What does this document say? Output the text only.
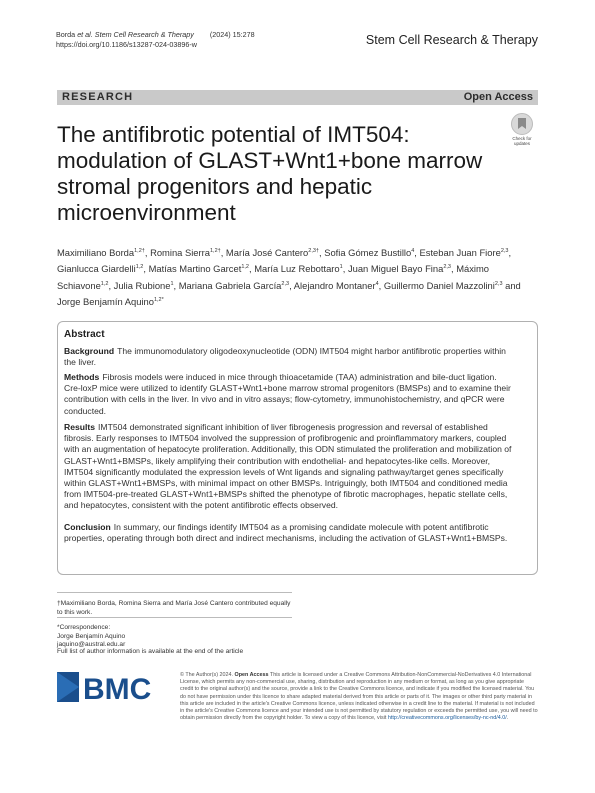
Borda et al. Stem Cell Research & Therapy (2024) 15:278
https://doi.org/10.1186/s13287-024-03896-w	Stem Cell Research & Therapy
RESEARCH	Open Access
The antifibrotic potential of IMT504: modulation of GLAST+Wnt1+bone marrow stromal progenitors and hepatic microenvironment
Check for updates
Maximiliano Borda$^{1,2\dagger}$, Romina Sierra$^{1,2\dagger}$, María José Cantero$^{2,3\dagger}$, Sofia Gómez Bustillo$^4$, Esteban Juan Fiore$^{2,3}$, Gianlucca Giardelli$^{1,2}$, Matías Martino Garcet$^{1,2}$, María Luz Rebottaro$^1$, Juan Miguel Bayo Fina$^{2,3}$, Máximo Schiavone$^{1,2}$, Julia Rubione$^1$, Mariana Gabriela García$^{2,3}$, Alejandro Montaner$^4$, Guillermo Daniel Mazzolini$^{2,3}$ and Jorge Benjamín Aquino$^{1,2*}$
Abstract
Background The immunomodulatory oligodeoxynucleotide (ODN) IMT504 might harbor antifibrotic properties within the liver.
Methods Fibrosis models were induced in mice through thioacetamide (TAA) administration and bile-duct ligation. Cre-loxP mice were utilized to identify GLAST+Wnt1+bone marrow stromal progenitors (BMSPs) and to examine their contribution with cells in the liver. In vivo and in vitro assays; flow-cytometry, immunohistochemistry, and qPCR were conducted.
Results IMT504 demonstrated significant inhibition of liver fibrogenesis progression and reversal of established fibrosis. Early responses to IMT504 involved the suppression of profibrogenic and proinflammatory markers, coupled with an augmentation of hepatocyte proliferation. Additionally, this ODN stimulated the proliferation and mobilization of GLAST+Wnt1+BMSPs, likely amplifying their contribution with endothelial- and hepatocytes-like cells. Moreover, IMT504 significantly modulated the expression levels of Wnt ligands and signaling pathway/target genes specifically within GLAST+Wnt1+BMSPs, with minimal impact on other BMSPs. Intriguingly, both IMT504 and conditioned media from IMT504-pre-treated GLAST+Wnt1+BMSPs shifted the phenotype of fibrotic macrophages, hepatic stellate cells, and hepatocytes, consistent with the potent antifibrotic effects observed.
Conclusion In summary, our findings identify IMT504 as a promising candidate molecule with potent antifibrotic properties, operating through both direct and indirect mechanisms, including the activation of GLAST+Wnt1+BMSPs.
†Maximiliano Borda, Romina Sierra and María José Cantero contributed equally to this work.
*Correspondence:
Jorge Benjamín Aquino
jaquino@austral.edu.ar
Full list of author information is available at the end of the article
BMC	© The Author(s) 2024. Open Access This article is licensed under a Creative Commons Attribution-NonCommercial-NoDerivatives 4.0 International License, which permits any non-commercial use, sharing, distribution and reproduction in any medium or format, as long as you give appropriate credit to the original author(s) and the source, provide a link to the Creative Commons licence, and indicate if you modified the licensed material. You do not have permission under this licence to share adapted material derived from this article or parts of it. The images or other third party material in this article are included in the article's Creative Commons licence, unless indicated otherwise in a credit line to the material. If material is not included in the article's Creative Commons licence and your intended use is not permitted by statutory regulation or exceeds the permitted use, you will need to obtain permission directly from the copyright holder. To view a copy of this licence, visit http://creativecommons.org/licenses/by-nc-nd/4.0/.
